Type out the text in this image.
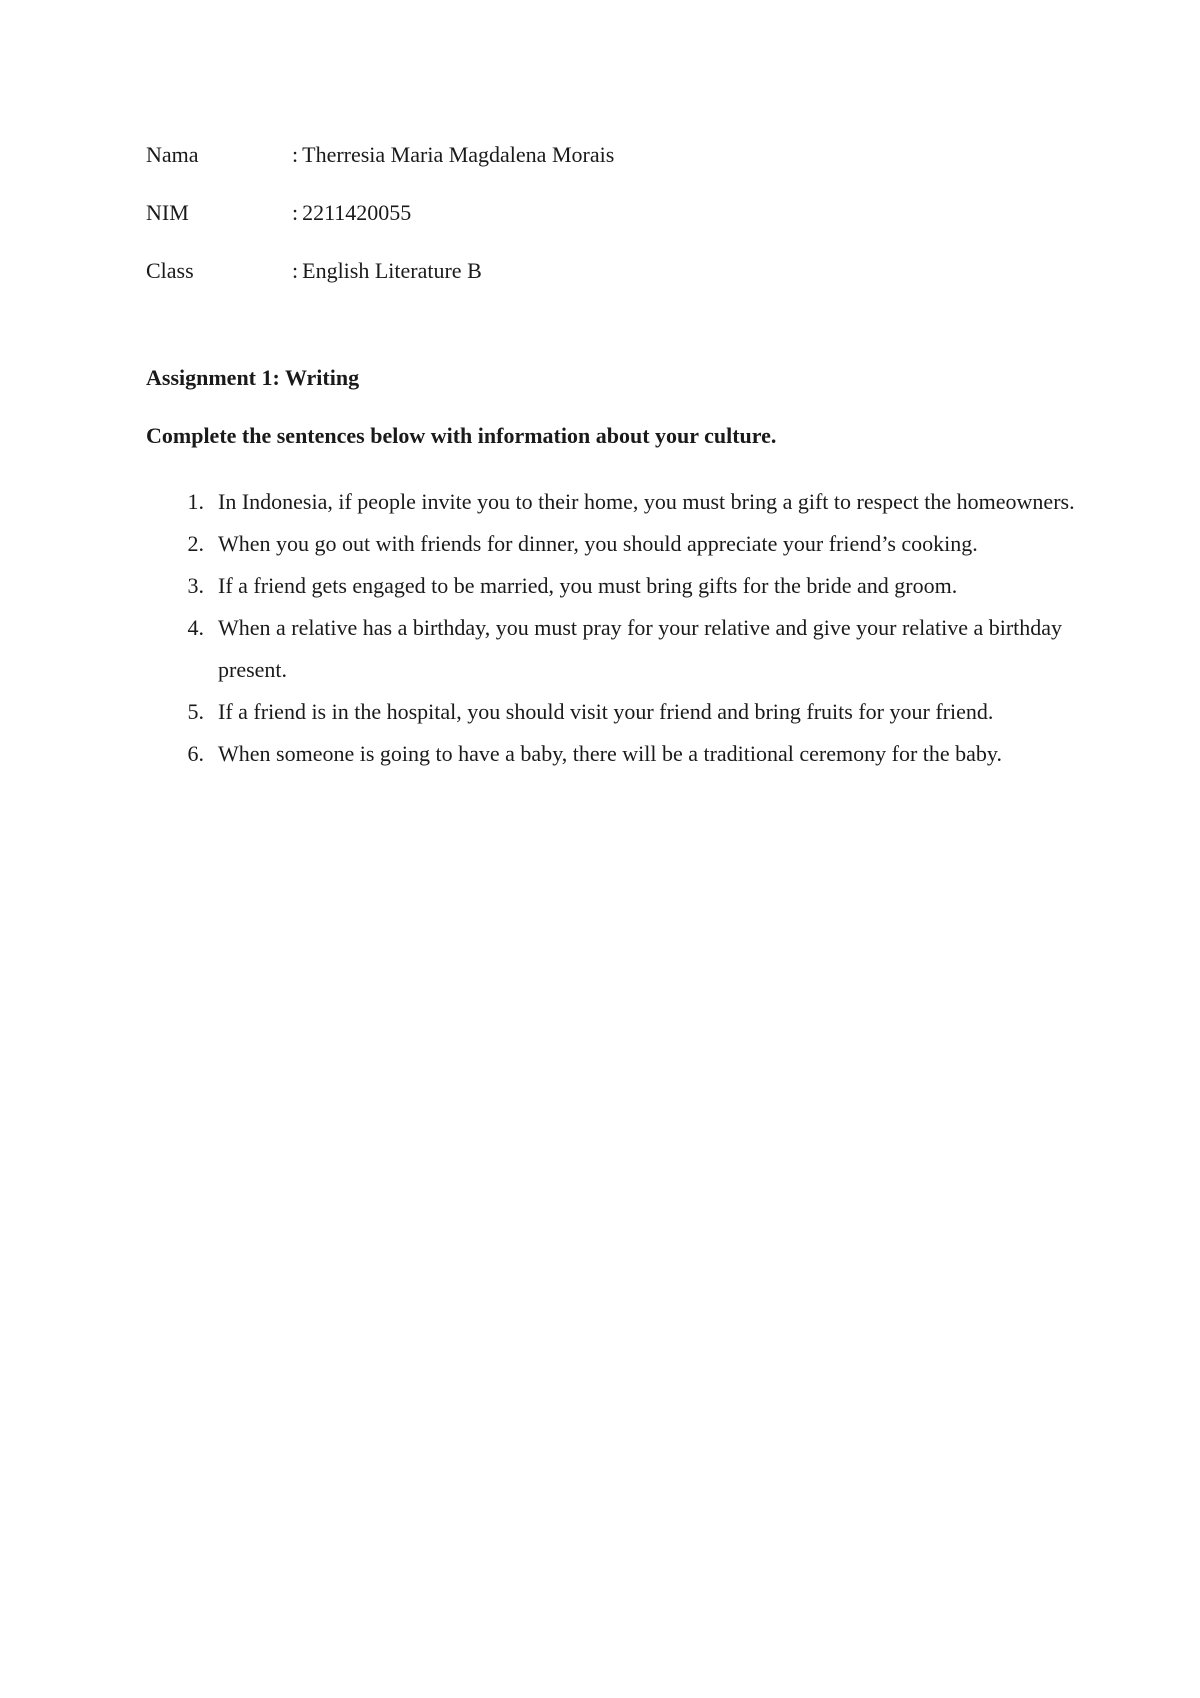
Nama	: Therresia Maria Magdalena Morais
NIM	: 2211420055
Class	: English Literature B
Assignment 1: Writing
Complete the sentences below with information about your culture.
1. In Indonesia, if people invite you to their home, you must bring a gift to respect the homeowners.
2. When you go out with friends for dinner, you should appreciate your friend’s cooking.
3. If a friend gets engaged to be married, you must bring gifts for the bride and groom.
4. When a relative has a birthday, you must pray for your relative and give your relative a birthday present.
5. If a friend is in the hospital, you should visit your friend and bring fruits for your friend.
6. When someone is going to have a baby, there will be a traditional ceremony for the baby.
